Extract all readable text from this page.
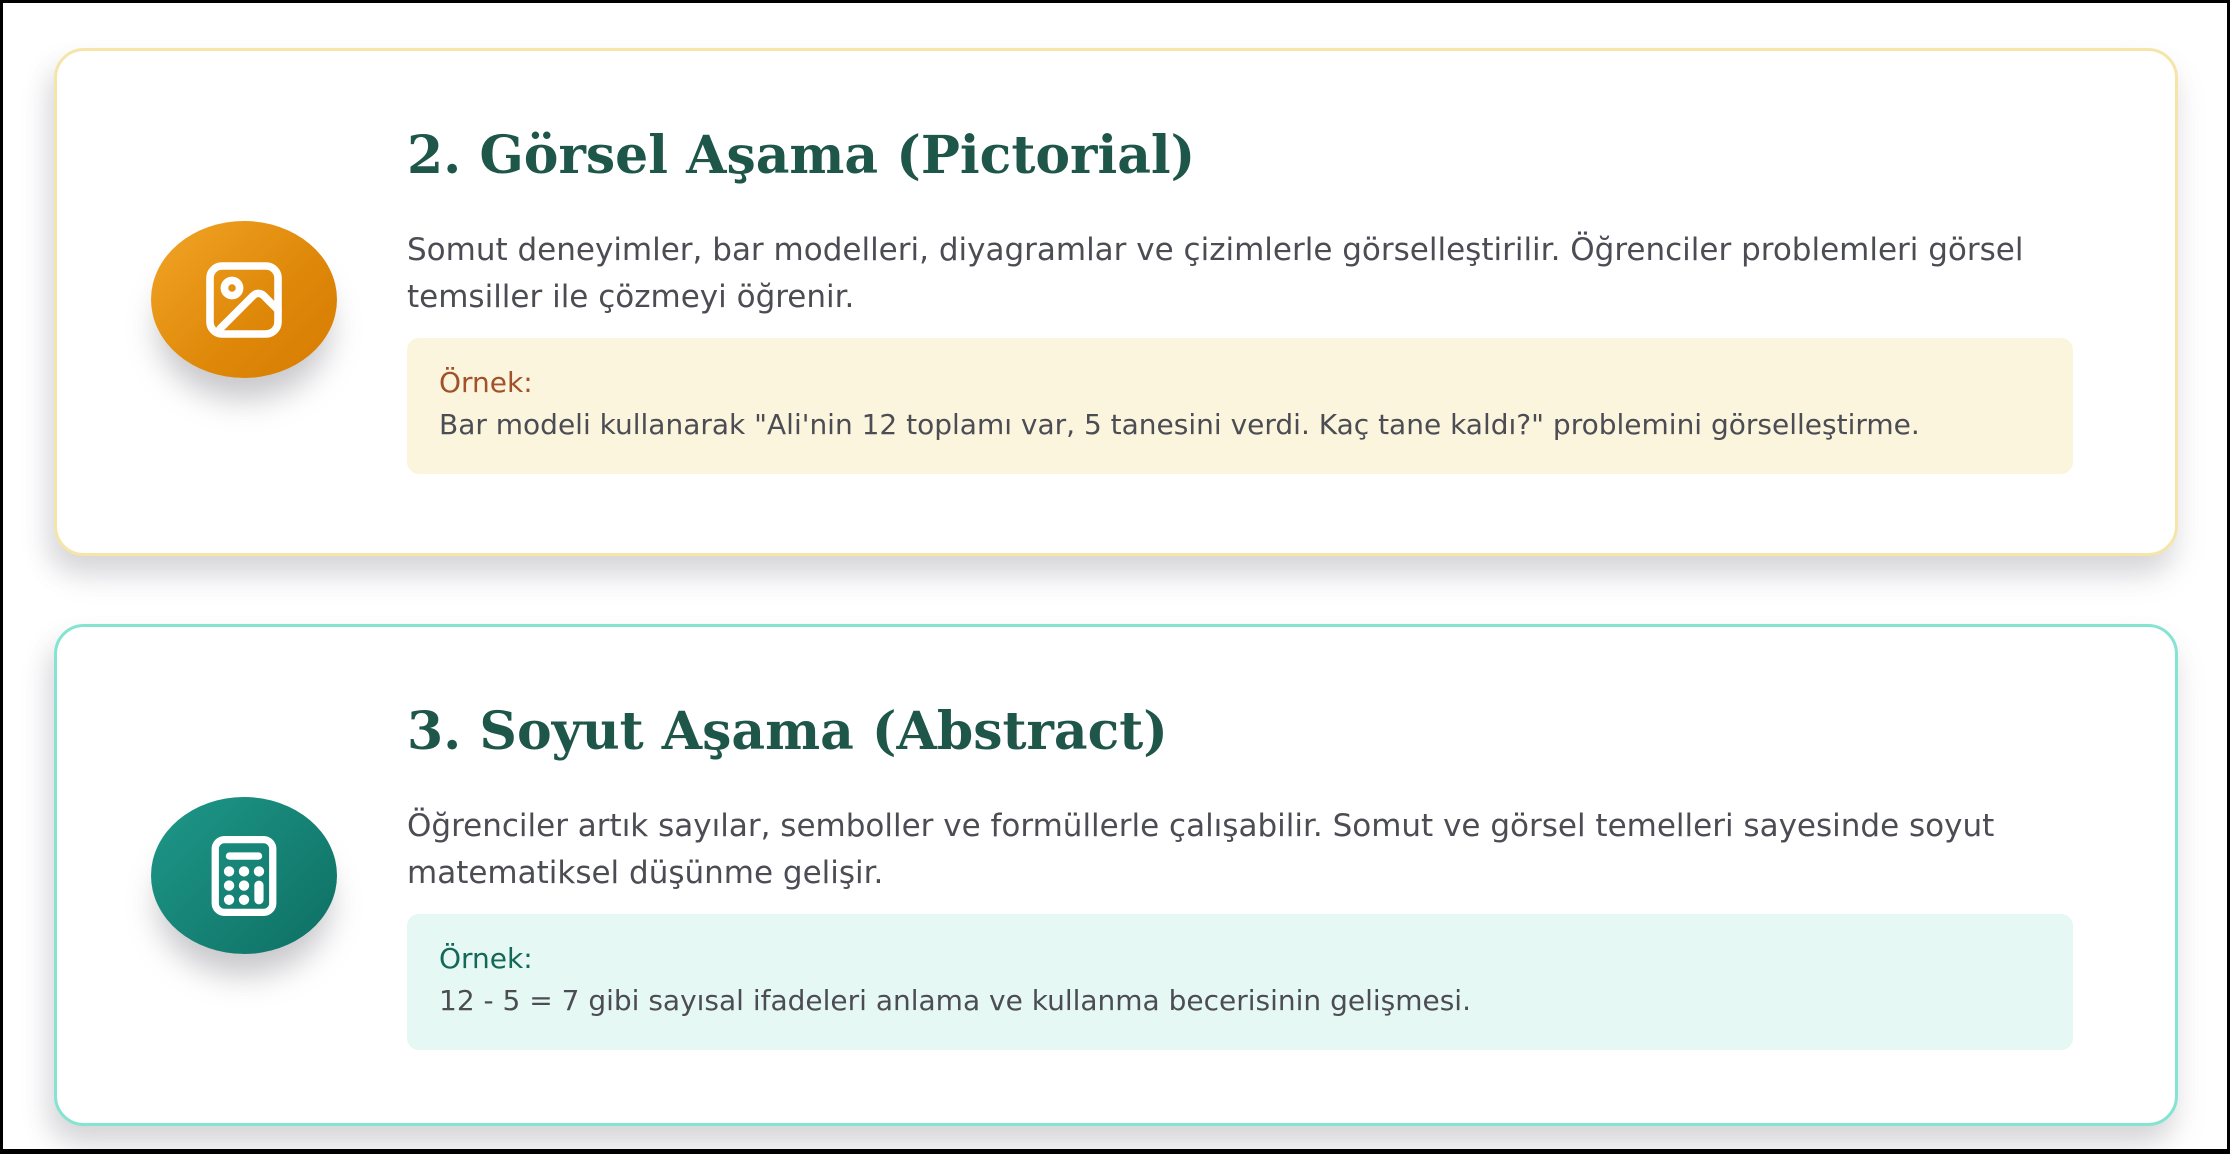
2. Görsel Aşama (Pictorial)

Somut deneyimler, bar modelleri, diyagramlar ve çizimlerle görselleştirilir. Öğrenciler problemleri görsel temsiller ile çözmeyi öğrenir.

Örnek:
Bar modeli kullanarak "Ali'nin 12 toplamı var, 5 tanesini verdi. Kaç tane kaldı?" problemini görselleştirme.
3. Soyut Aşama (Abstract)

Öğrenciler artık sayılar, semboller ve formüllerle çalışabilir. Somut ve görsel temelleri sayesinde soyut matematiksel düşünme gelişir.

Örnek:
12 - 5 = 7 gibi sayısal ifadeleri anlama ve kullanma becerisinin gelişmesi.
